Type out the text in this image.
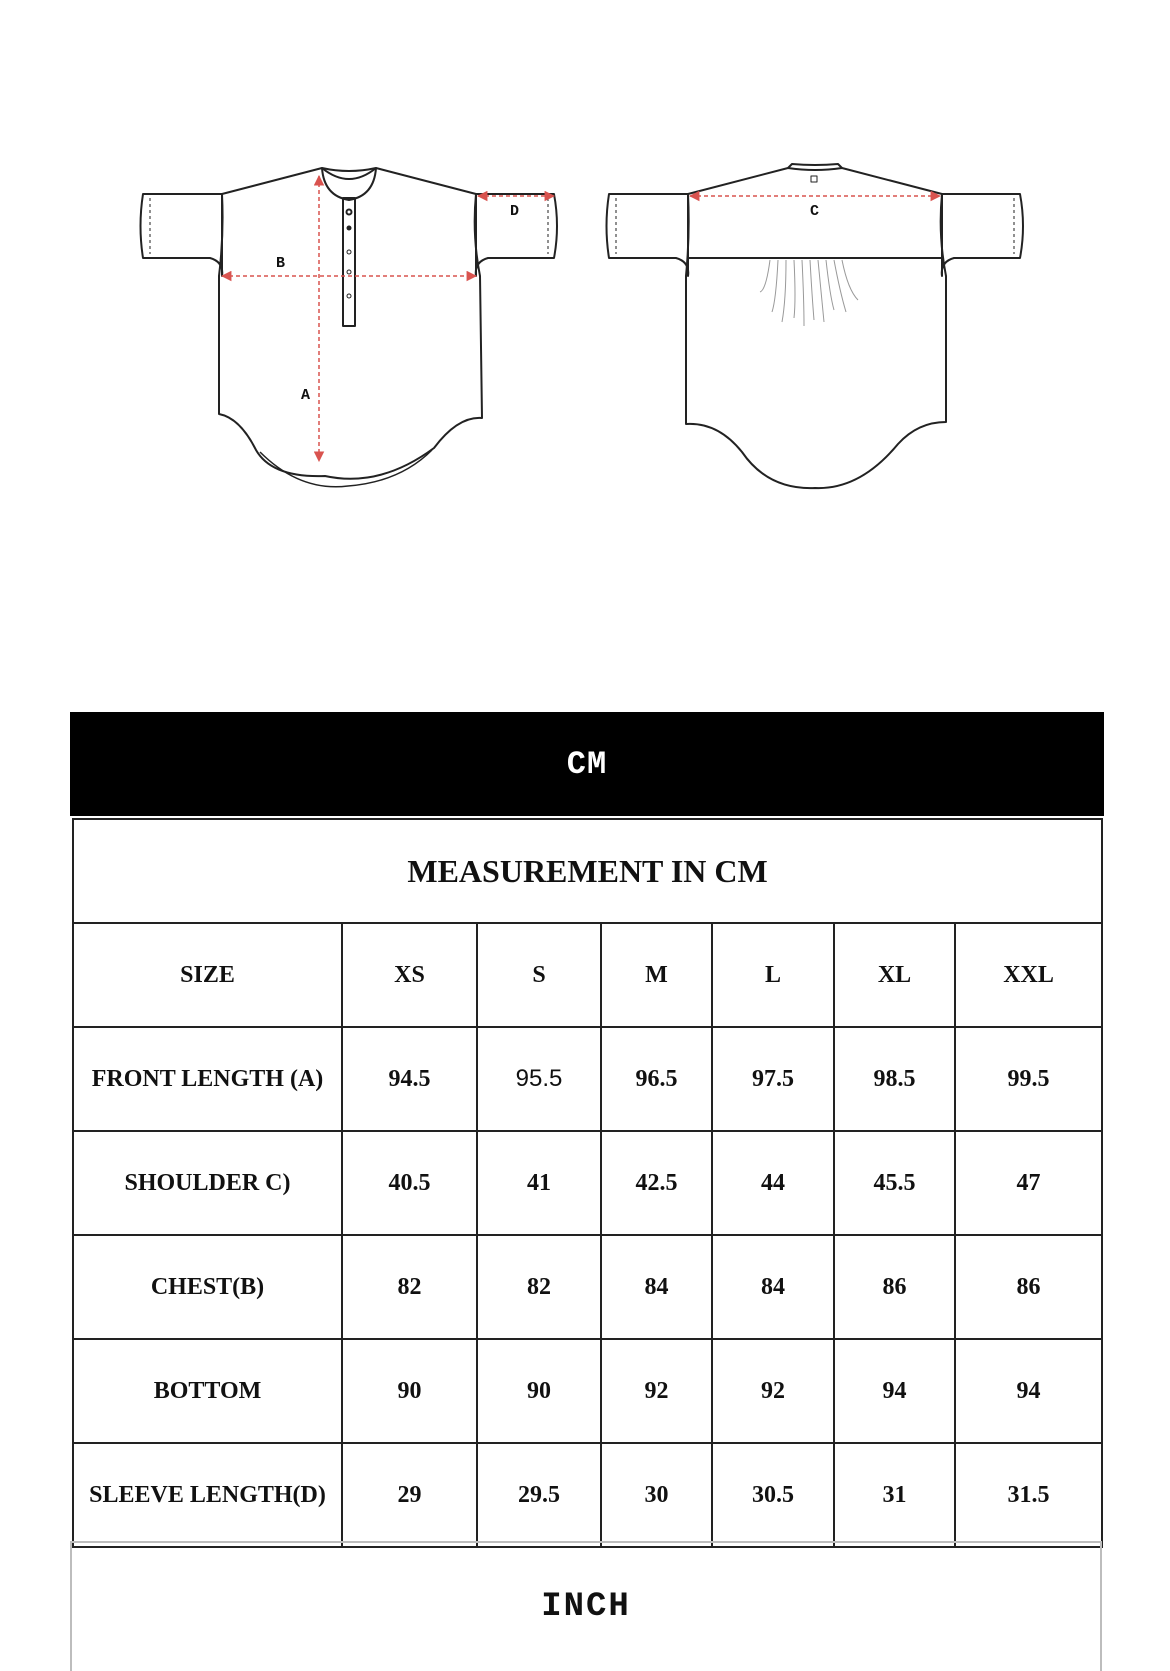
A
B
D	C
CM
MEASUREMENT IN CM						
SIZE	XS	S	M	L	XL	XXL
FRONT LENGTH (A)	94.5	95.5	96.5	97.5	98.5	99.5
SHOULDER C)	40.5	41	42.5	44	45.5	47
CHEST(B)	82	82	84	84	86	86
BOTTOM	90	90	92	92	94	94
SLEEVE LENGTH(D)	29	29.5	30	30.5	31	31.5
INCH
